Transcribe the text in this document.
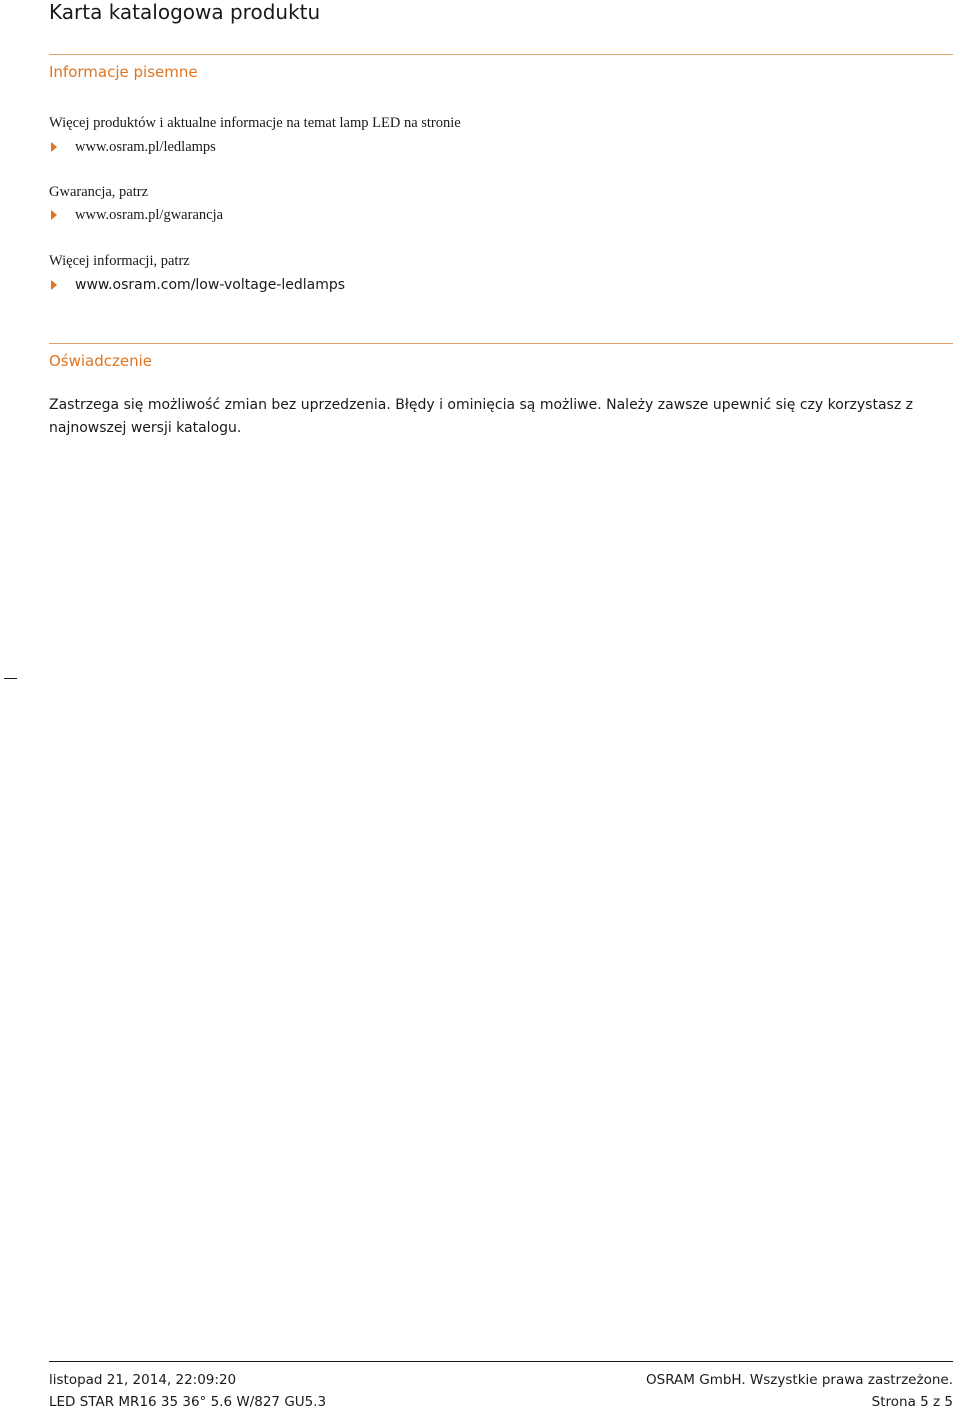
Karta katalogowa produktu
Informacje pisemne
Więcej produktów i aktualne informacje na temat lamp LED na stronie
www.osram.pl/ledlamps
Gwarancja, patrz
www.osram.pl/gwarancja
Więcej informacji, patrz
www.osram.com/low-voltage-ledlamps
Oświadczenie
Zastrzega się możliwość zmian bez uprzedzenia. Błędy i ominięcia są możliwe. Należy zawsze upewnić się czy korzystasz z najnowszej wersji katalogu.
listopad 21, 2014, 22:09:20
LED STAR MR16 35 36° 5.6 W/827 GU5.3
OSRAM GmbH. Wszystkie prawa zastrzeżone.
Strona 5 z 5
